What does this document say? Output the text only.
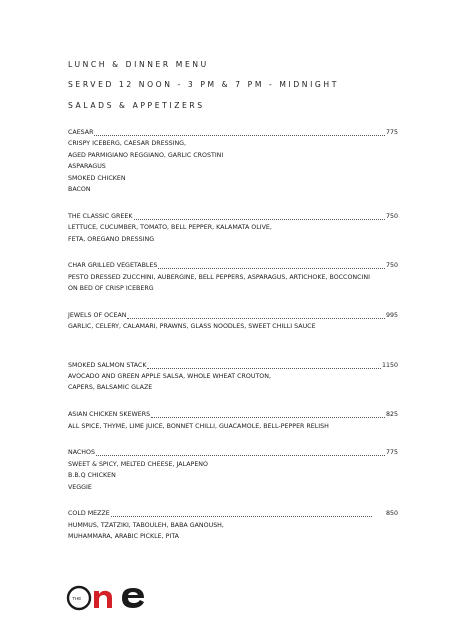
LUNCH & DINNER MENU
SERVED 12 NOON - 3 PM & 7 PM - MIDNIGHT
SALADS & APPETIZERS
CAESAR	775
CRISPY ICEBERG, CAESAR DRESSING,
AGED PARMIGIANO REGGIANO, GARLIC CROSTINI
ASPARAGUS
SMOKED CHICKEN
BACON
THE CLASSIC GREEK	750
LETTUCE, CUCUMBER, TOMATO, BELL PEPPER, KALAMATA OLIVE,
FETA, OREGANO DRESSING
CHAR GRILLED VEGETABLES	750
PESTO DRESSED ZUCCHINI, AUBERGINE, BELL PEPPERS, ASPARAGUS, ARTICHOKE, BOCCONCINI
ON BED OF CRISP ICEBERG
JEWELS OF OCEAN	995
GARLIC, CELERY, CALAMARI, PRAWNS, GLASS NOODLES, SWEET CHILLI SAUCE
SMOKED SALMON STACK	1150
AVOCADO AND GREEN APPLE SALSA, WHOLE WHEAT CROUTON,
CAPERS, BALSAMIC GLAZE
ASIAN CHICKEN SKEWERS	825
ALL SPICE, THYME, LIME JUICE, BONNET CHILLI, GUACAMOLE, BELL-PEPPER RELISH
NACHOS	775
SWEET & SPICY, MELTED CHEESE, JALAPENO
B.B.Q CHICKEN
VEGGIE
COLD MEZZE	850
HUMMUS, TZATZIKI, TABOULEH, BABA GANOUSH,
MUHAMMARA, ARABIC PICKLE, PITA
THE
